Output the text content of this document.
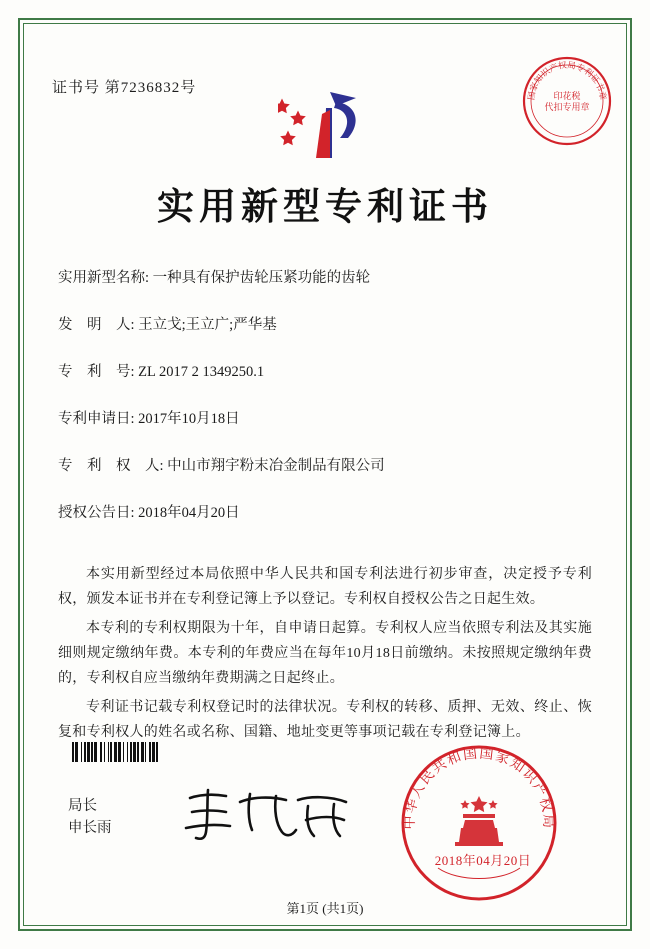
证书号 第7236832号	国家知识产权局专利证书章
印花税
代扣专用章
实用新型专利证书
实用新型名称: 一种具有保护齿轮压紧功能的齿轮
发　明　人: 王立戈;王立广;严华基
专　利　号: ZL 2017 2 1349250.1
专利申请日: 2017年10月18日
专　利　权　人: 中山市翔宇粉末冶金制品有限公司
授权公告日: 2018年04月20日

本实用新型经过本局依照中华人民共和国专利法进行初步审查，决定授予专利权，颁发本证书并在专利登记簿上予以登记。专利权自授权公告之日起生效。

本专利的专利权期限为十年，自申请日起算。专利权人应当依照专利法及其实施细则规定缴纳年费。本专利的年费应当在每年10月18日前缴纳。未按照规定缴纳年费的，专利权自应当缴纳年费期满之日起终止。

专利证书记载专利权登记时的法律状况。专利权的转移、质押、无效、终止、恢复和专利权人的姓名或名称、国籍、地址变更等事项记载在专利登记簿上。

局长
申长雨	中华人民共和国国家知识产权局
2018年04月20日
第1页 (共1页)
